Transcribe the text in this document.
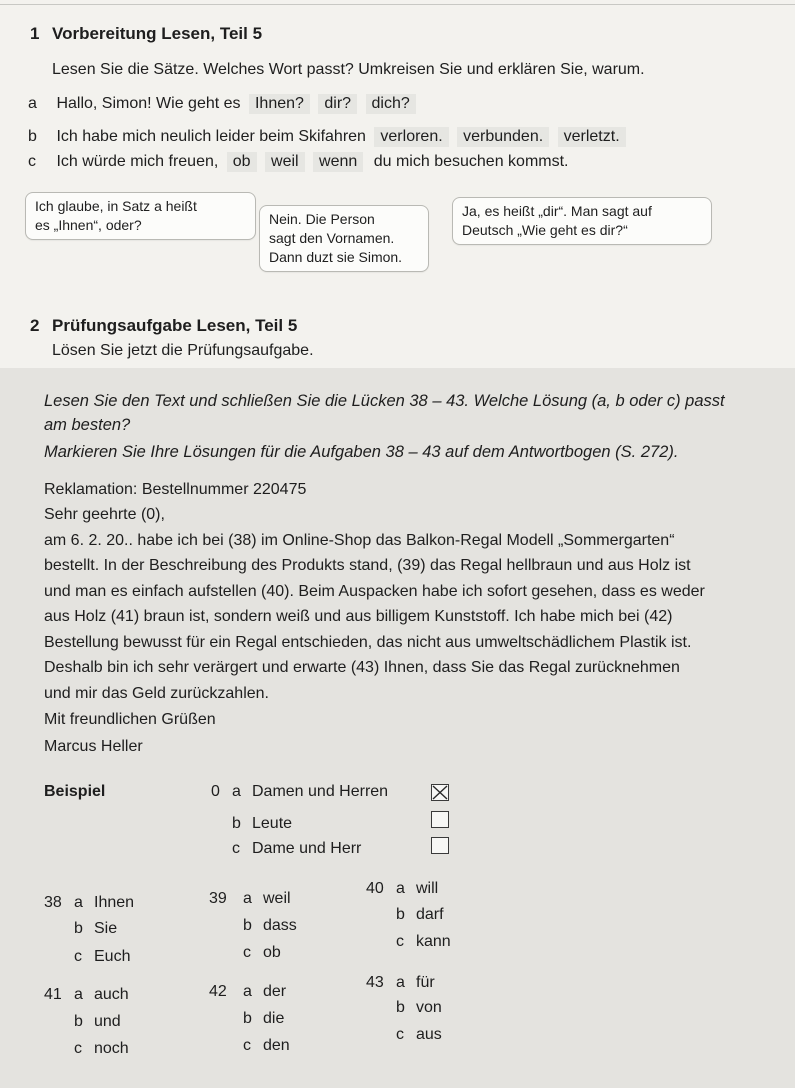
1 Vorbereitung Lesen, Teil 5
Lesen Sie die Sätze. Welches Wort passt? Umkreisen Sie und erklären Sie, warum.
a Hallo, Simon! Wie geht es Ihnen? dir? dich?
b Ich habe mich neulich leider beim Skifahren verloren. verbunden. verletzt.
c Ich würde mich freuen, ob weil wenn du mich besuchen kommst.
Ich glaube, in Satz a heißt
es „Ihnen“, oder?	Nein. Die Person
sagt den Vornamen.
Dann duzt sie Simon.
Ja, es heißt „dir“. Man sagt auf
Deutsch „Wie geht es dir?“
2 Prüfungsaufgabe Lesen, Teil 5
Lösen Sie jetzt die Prüfungsaufgabe.
Lesen Sie den Text und schließen Sie die Lücken 38 – 43. Welche Lösung (a, b oder c) passt
am besten?
Markieren Sie Ihre Lösungen für die Aufgaben 38 – 43 auf dem Antwortbogen (S. 272).
Reklamation: Bestellnummer 220475
Sehr geehrte (0),
am 6. 2. 20.. habe ich bei (38) im Online-Shop das Balkon-Regal Modell „Sommergarten“
bestellt. In der Beschreibung des Produkts stand, (39) das Regal hellbraun und aus Holz ist
und man es einfach aufstellen (40). Beim Auspacken habe ich sofort gesehen, dass es weder
aus Holz (41) braun ist, sondern weiß und aus billigem Kunststoff. Ich habe mich bei (42)
Bestellung bewusst für ein Regal entschieden, das nicht aus umweltschädlichem Plastik ist.
Deshalb bin ich sehr verärgert und erwarte (43) Ihnen, dass Sie das Regal zurücknehmen
und mir das Geld zurückzahlen.
Mit freundlichen Grüßen
Marcus Heller
Beispiel	0 a Damen und Herren
b Leute
c Dame und Herr
38 a Ihnen
b Sie
c Euch
39 a weil
b dass
c ob
40 a will
b darf
c kann
41 a auch
b und
c noch
42 a der
b die
c den
43 a für
b von
c aus
